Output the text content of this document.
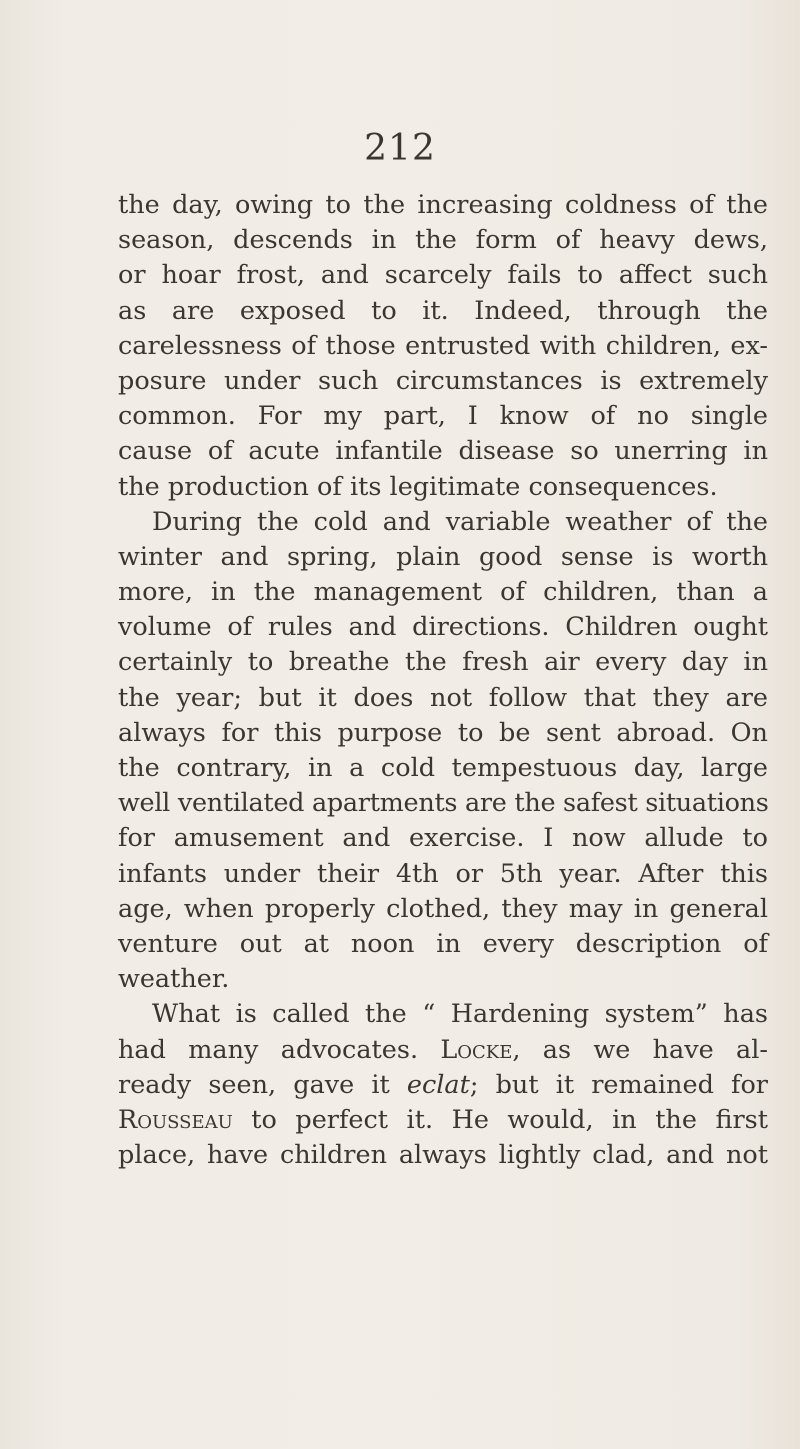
212
the day, owing to the increasing coldness of the
season, descends in the form of heavy dews,
or hoar frost, and scarcely fails to affect such
as are exposed to it. Indeed, through the
carelessness of those entrusted with children, ex-
posure under such circumstances is extremely
common. For my part, I know of no single
cause of acute infantile disease so unerring in
the production of its legitimate consequences.
During the cold and variable weather of the
winter and spring, plain good sense is worth
more, in the management of children, than a
volume of rules and directions. Children ought
certainly to breathe the fresh air every day in
the year; but it does not follow that they are
always for this purpose to be sent abroad. On
the contrary, in a cold tempestuous day, large
well ventilated apartments are the safest situations
for amusement and exercise. I now allude to
infants under their 4th or 5th year. After this
age, when properly clothed, they may in general
venture out at noon in every description of
weather.
What is called the “ Hardening system” has
had many advocates. Locke, as we have al-
ready seen, gave it eclat; but it remained for
Rousseau to perfect it. He would, in the first
place, have children always lightly clad, and not
